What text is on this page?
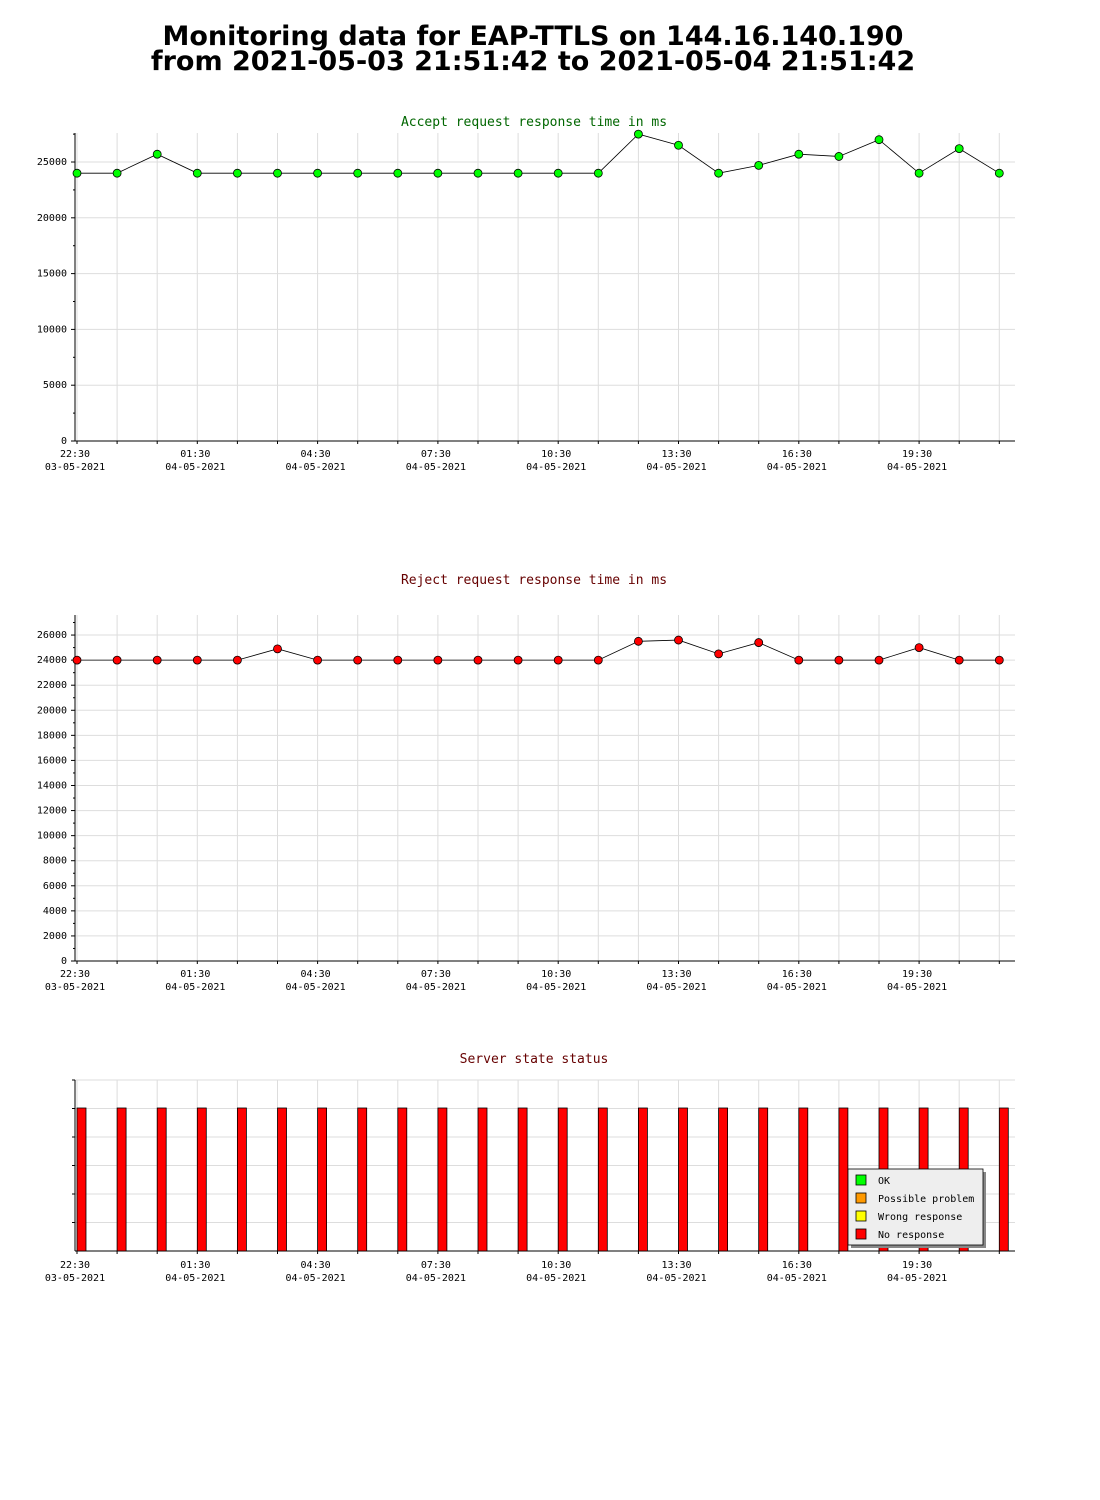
Monitoring data for EAP-TTLS on 144.16.140.190
from 2021-05-03 21:51:42 to 2021-05-04 21:51:42
Accept request response time in ms
22:30
03-05-2021
01:30
04-05-2021
04:30
04-05-2021
07:30
04-05-2021
10:30
04-05-2021
13:30
04-05-2021
16:30
04-05-2021
19:30
04-05-2021
0
5000
10000
15000
20000
25000
Reject request response time in ms
22:30
03-05-2021
01:30
04-05-2021
04:30
04-05-2021
07:30
04-05-2021
10:30
04-05-2021
13:30
04-05-2021
16:30
04-05-2021
19:30
04-05-2021
0
2000
4000
6000
8000
10000
12000
14000
16000
18000
20000
22000
24000
26000
Server state status
22:30
03-05-2021
01:30
04-05-2021
04:30
04-05-2021
07:30
04-05-2021
10:30
04-05-2021
13:30
04-05-2021
16:30
04-05-2021
19:30
04-05-2021
OK
Possible problem
Wrong response
No response
